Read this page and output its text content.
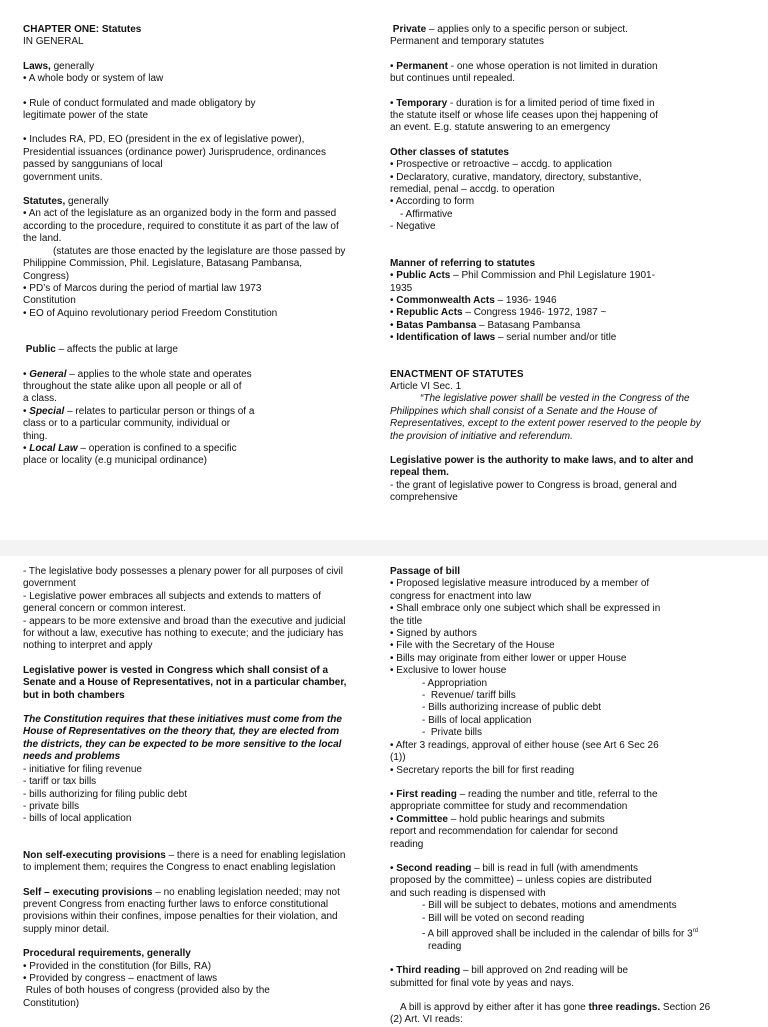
CHAPTER ONE: Statutes

IN GENERAL

Laws, generally

• A whole body or system of law

• Rule of conduct formulated and made obligatory by

legitimate power of the state

• Includes RA, PD, EO (president in the ex of legislative power),

Presidential issuances (ordinance power) Jurisprudence, ordinances

passed by sanggunians of local

government units.

Statutes, generally

• An act of the legislature as an organized body in the form and passed

according to the procedure, required to constitute it as part of the law of

the land.

(statutes are those enacted by the legislature are those passed by

Philippine Commission, Phil. Legislature, Batasang Pambansa,

Congress)

• PD’s of Marcos during the period of martial law 1973

Constitution

• EO of Aquino revolutionary period Freedom Constitution

Public – affects the public at large

• General – applies to the whole state and operates

throughout the state alike upon all people or all of

a class.

• Special – relates to particular person or things of a

class or to a particular community, individual or

thing.

• Local Law – operation is confined to a specific

place or locality (e.g municipal ordinance)

Private – applies only to a specific person or subject.

Permanent and temporary statutes

• Permanent - one whose operation is not limited in duration

but continues until repealed.

• Temporary - duration is for a limited period of time fixed in

the statute itself or whose life ceases upon thej happening of

an event. E.g. statute answering to an emergency

Other classes of statutes

• Prospective or retroactive – accdg. to application

• Declaratory, curative, mandatory, directory, substantive,

remedial, penal – accdg. to operation

• According to form

- Affirmative

- Negative

Manner of referring to statutes

• Public Acts – Phil Commission and Phil Legislature 1901-

1935

• Commonwealth Acts – 1936- 1946

• Republic Acts – Congress 1946- 1972, 1987 ~

• Batas Pambansa – Batasang Pambansa

• Identification of laws – serial number and/or title

ENACTMENT OF STATUTES

Article VI Sec. 1

“The legislative power shalll be vested in the Congress of the

Philippines which shall consist of a Senate and the House of

Representatives, except to the extent power reserved to the people by

the provision of initiative and referendum.

Legislative power is the authority to make laws, and to alter and

repeal them.

- the grant of legislative power to Congress is broad, general and

comprehensive

- The legislative body possesses a plenary power for all purposes of civil

government

- Legislative power embraces all subjects and extends to matters of

general concern or common interest.

- appears to be more extensive and broad than the executive and judicial

for without a law, executive has nothing to execute; and the judiciary has

nothing to interpret and apply

Legislative power is vested in Congress which shall consist of a

Senate and a House of Representatives, not in a particular chamber,

but in both chambers

The Constitution requires that these initiatives must come from the

House of Representatives on the theory that, they are elected from

the districts, they can be expected to be more sensitive to the local

needs and problems

- initiative for filing revenue

- tariff or tax bills

- bills authorizing for filing public debt

- private bills

- bills of local application

Non self-executing provisions – there is a need for enabling legislation

to implement them; requires the Congress to enact enabling legislation

Self – executing provisions – no enabling legislation needed; may not

prevent Congress from enacting further laws to enforce constitutional

provisions within their confines, impose penalties for their violation, and

supply minor detail.

Procedural requirements, generally

• Provided in the constitution (for Bills, RA)

• Provided by congress – enactment of laws

Rules of both houses of congress (provided also by the

Constitution)

Passage of bill

• Proposed legislative measure introduced by a member of

congress for enactment into law

• Shall embrace only one subject which shall be expressed in

the title

• Signed by authors

• File with the Secretary of the House

• Bills may originate from either lower or upper House

• Exclusive to lower house

- Appropriation

-  Revenue/ tariff bills

- Bills authorizing increase of public debt

- Bills of local application

-  Private bills

• After 3 readings, approval of either house (see Art 6 Sec 26

(1))

• Secretary reports the bill for first reading

• First reading – reading the number and title, referral to the

appropriate committee for study and recommendation

• Committee – hold public hearings and submits

report and recommendation for calendar for second

reading

• Second reading – bill is read in full (with amendments

proposed by the committee) – unless copies are distributed

and such reading is dispensed with

- Bill will be subject to debates, motions and amendments

- Bill will be voted on second reading

- A bill approved shall be included in the calendar of bills for 3rd

reading

• Third reading – bill approved on 2nd reading will be

submitted for final vote by yeas and nays.

A bill is approvd by either after it has gone three readings. Section 26

(2) Art. VI reads:
